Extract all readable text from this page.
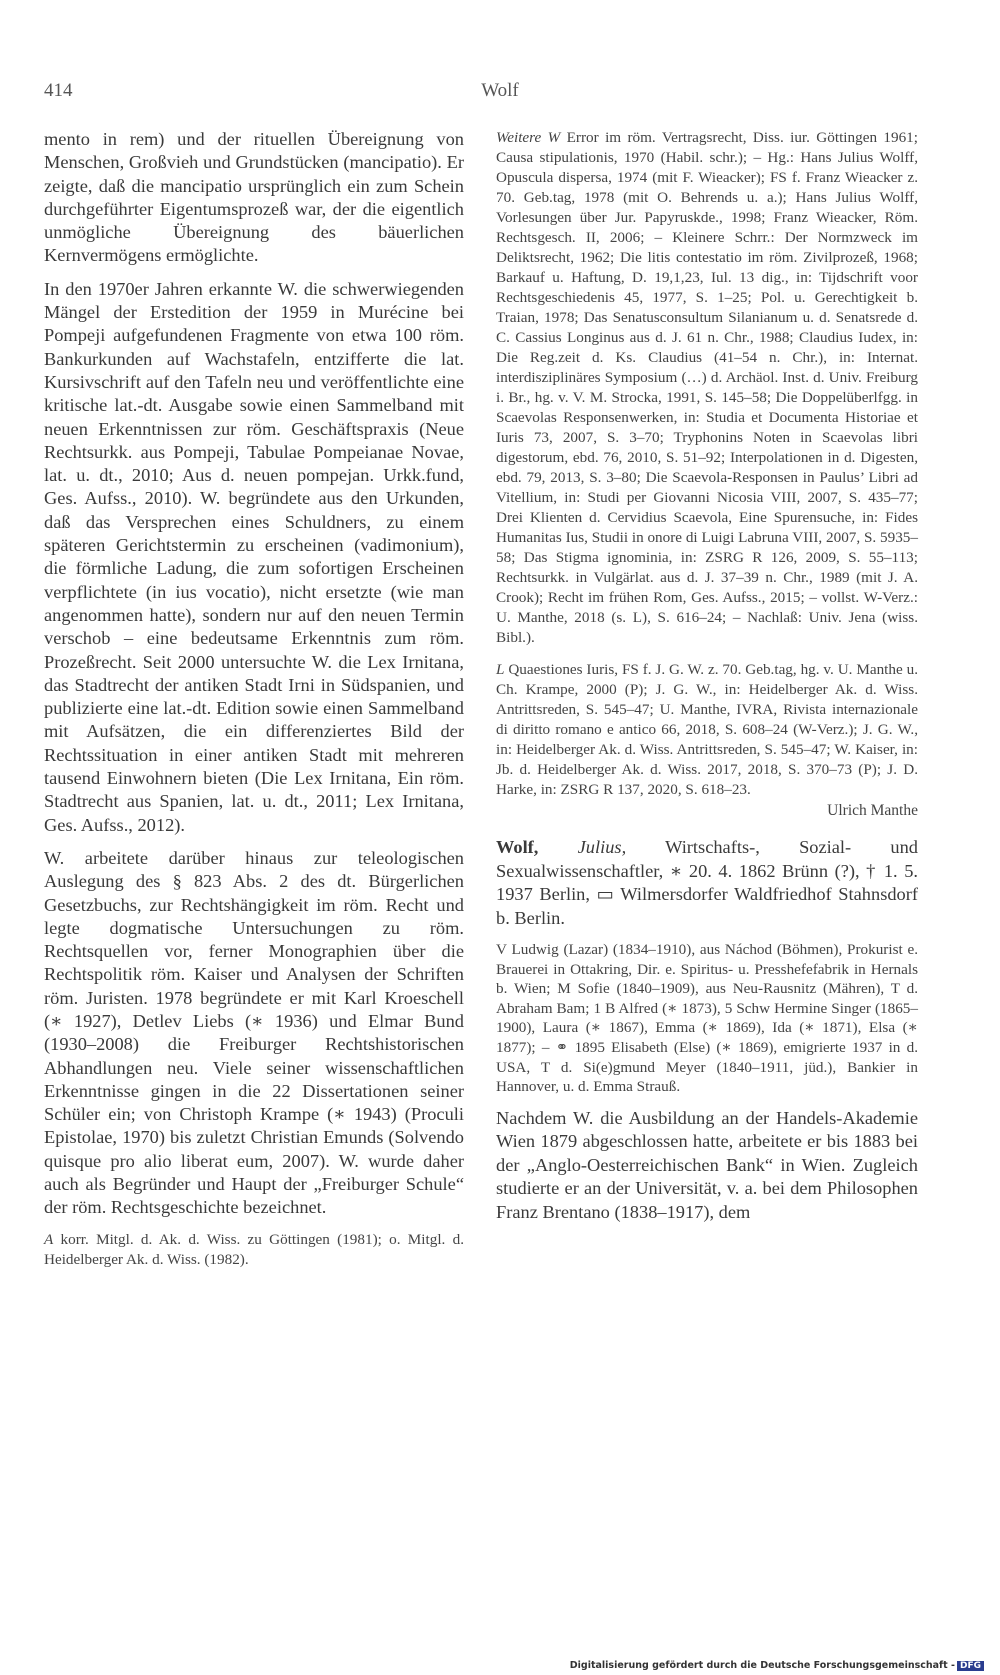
414	Wolf

mento in rem) und der rituellen Übereignung von Menschen, Großvieh und Grundstücken (mancipatio). Er zeigte, daß die mancipatio ursprünglich ein zum Schein durchgeführter Eigentumsprozeß war, der die eigentlich unmögliche Übereignung des bäuerlichen Kernvermögens ermöglichte.

In den 1970er Jahren erkannte W. die schwerwiegenden Mängel der Erstedition der 1959 in Murécine bei Pompeji aufgefundenen Fragmente von etwa 100 röm. Bankurkunden auf Wachstafeln, entzifferte die lat. Kursivschrift auf den Tafeln neu und veröffentlichte eine kritische lat.-dt. Ausgabe sowie einen Sammelband mit neuen Erkenntnissen zur röm. Geschäftspraxis (Neue Rechtsurkk. aus Pompeji, Tabulae Pompeianae Novae, lat. u. dt., 2010; Aus d. neuen pompejan. Urkk.fund, Ges. Aufss., 2010). W. begründete aus den Urkunden, daß das Versprechen eines Schuldners, zu einem späteren Gerichtstermin zu erscheinen (vadimonium), die förmliche Ladung, die zum sofortigen Erscheinen verpflichtete (in ius vocatio), nicht ersetzte (wie man angenommen hatte), sondern nur auf den neuen Termin verschob – eine bedeutsame Erkenntnis zum röm. Prozeßrecht. Seit 2000 untersuchte W. die Lex Irnitana, das Stadtrecht der antiken Stadt Irni in Südspanien, und publizierte eine lat.-dt. Edition sowie einen Sammelband mit Aufsätzen, die ein differenziertes Bild der Rechtssituation in einer antiken Stadt mit mehreren tausend Einwohnern bieten (Die Lex Irnitana, Ein röm. Stadtrecht aus Spanien, lat. u. dt., 2011; Lex Irnitana, Ges. Aufss., 2012).

W. arbeitete darüber hinaus zur teleologischen Auslegung des § 823 Abs. 2 des dt. Bürgerlichen Gesetzbuchs, zur Rechtshängigkeit im röm. Recht und legte dogmatische Untersuchungen zu röm. Rechtsquellen vor, ferner Monographien über die Rechtspolitik röm. Kaiser und Analysen der Schriften röm. Juristen. 1978 begründete er mit Karl Kroeschell (∗ 1927), Detlev Liebs (∗ 1936) und Elmar Bund (1930–2008) die Freiburger Rechtshistorischen Abhandlungen neu. Viele seiner wissenschaftlichen Erkenntnisse gingen in die 22 Dissertationen seiner Schüler ein; von Christoph Krampe (∗ 1943) (Proculi Epistolae, 1970) bis zuletzt Christian Emunds (Solvendo quisque pro alio liberat eum, 2007). W. wurde daher auch als Begründer und Haupt der „Freiburger Schule“ der röm. Rechtsgeschichte bezeichnet.

A korr. Mitgl. d. Ak. d. Wiss. zu Göttingen (1981); o. Mitgl. d. Heidelberger Ak. d. Wiss. (1982).

Weitere W Error im röm. Vertragsrecht, Diss. iur. Göttingen 1961; Causa stipulationis, 1970 (Habil. schr.); – Hg.: Hans Julius Wolff, Opuscula dispersa, 1974 (mit F. Wieacker); FS f. Franz Wieacker z. 70. Geb.tag, 1978 (mit O. Behrends u. a.); Hans Julius Wolff, Vorlesungen über Jur. Papyruskde., 1998; Franz Wieacker, Röm. Rechtsgesch. II, 2006; – Kleinere Schrr.: Der Normzweck im Deliktsrecht, 1962; Die litis contestatio im röm. Zivilprozeß, 1968; Barkauf u. Haftung, D. 19,1,23, Iul. 13 dig., in: Tijdschrift voor Rechtsgeschiedenis 45, 1977, S. 1–25; Pol. u. Gerechtigkeit b. Traian, 1978; Das Senatusconsultum Silanianum u. d. Senatsrede d. C. Cassius Longinus aus d. J. 61 n. Chr., 1988; Claudius Iudex, in: Die Reg.zeit d. Ks. Claudius (41–54 n. Chr.), in: Internat. interdisziplinäres Symposium (…) d. Archäol. Inst. d. Univ. Freiburg i. Br., hg. v. V. M. Strocka, 1991, S. 145–58; Die Doppelüberlfgg. in Scaevolas Responsenwerken, in: Studia et Documenta Historiae et Iuris 73, 2007, S. 3–70; Tryphonins Noten in Scaevolas libri digestorum, ebd. 76, 2010, S. 51–92; Interpolationen in d. Digesten, ebd. 79, 2013, S. 3–80; Die Scaevola-Responsen in Paulus’ Libri ad Vitellium, in: Studi per Giovanni Nicosia VIII, 2007, S. 435–77; Drei Klienten d. Cervidius Scaevola, Eine Spurensuche, in: Fides Humanitas Ius, Studii in onore di Luigi Labruna VIII, 2007, S. 5935–58; Das Stigma ignominia, in: ZSRG R 126, 2009, S. 55–113; Rechtsurkk. in Vulgärlat. aus d. J. 37–39 n. Chr., 1989 (mit J. A. Crook); Recht im frühen Rom, Ges. Aufss., 2015; – vollst. W-Verz.: U. Manthe, 2018 (s. L), S. 616–24; – Nachlaß: Univ. Jena (wiss. Bibl.).

L Quaestiones Iuris, FS f. J. G. W. z. 70. Geb.tag, hg. v. U. Manthe u. Ch. Krampe, 2000 (P); J. G. W., in: Heidelberger Ak. d. Wiss. Antrittsreden, S. 545–47; U. Manthe, IVRA, Rivista internazionale di diritto romano e antico 66, 2018, S. 608–24 (W-Verz.); J. G. W., in: Heidelberger Ak. d. Wiss. Antrittsreden, S. 545–47; W. Kaiser, in: Jb. d. Heidelberger Ak. d. Wiss. 2017, 2018, S. 370–73 (P); J. D. Harke, in: ZSRG R 137, 2020, S. 618–23.

Ulrich Manthe

Wolf, Julius, Wirtschafts-, Sozial- und Sexualwissenschaftler, ∗ 20. 4. 1862 Brünn (?), † 1. 5. 1937 Berlin, ▭ Wilmersdorfer Waldfriedhof Stahnsdorf b. Berlin.

V Ludwig (Lazar) (1834–1910), aus Náchod (Böhmen), Prokurist e. Brauerei in Ottakring, Dir. e. Spiritus- u. Presshefefabrik in Hernals b. Wien; M Sofie (1840–1909), aus Neu-Rausnitz (Mähren), T d. Abraham Bam; 1 B Alfred (∗ 1873), 5 Schw Hermine Singer (1865–1900), Laura (∗ 1867), Emma (∗ 1869), Ida (∗ 1871), Elsa (∗ 1877); – ⚭ 1895 Elisabeth (Else) (∗ 1869), emigrierte 1937 in d. USA, T d. Si(e)gmund Meyer (1840–1911, jüd.), Bankier in Hannover, u. d. Emma Strauß.

Nachdem W. die Ausbildung an der Handels-Akademie Wien 1879 abgeschlossen hatte, arbeitete er bis 1883 bei der „Anglo-Oesterreichischen Bank“ in Wien. Zugleich studierte er an der Universität, v. a. bei dem Philosophen Franz Brentano (1838–1917), dem

Digitalisierung gefördert durch die Deutsche Forschungsgemeinschaft - DFG
